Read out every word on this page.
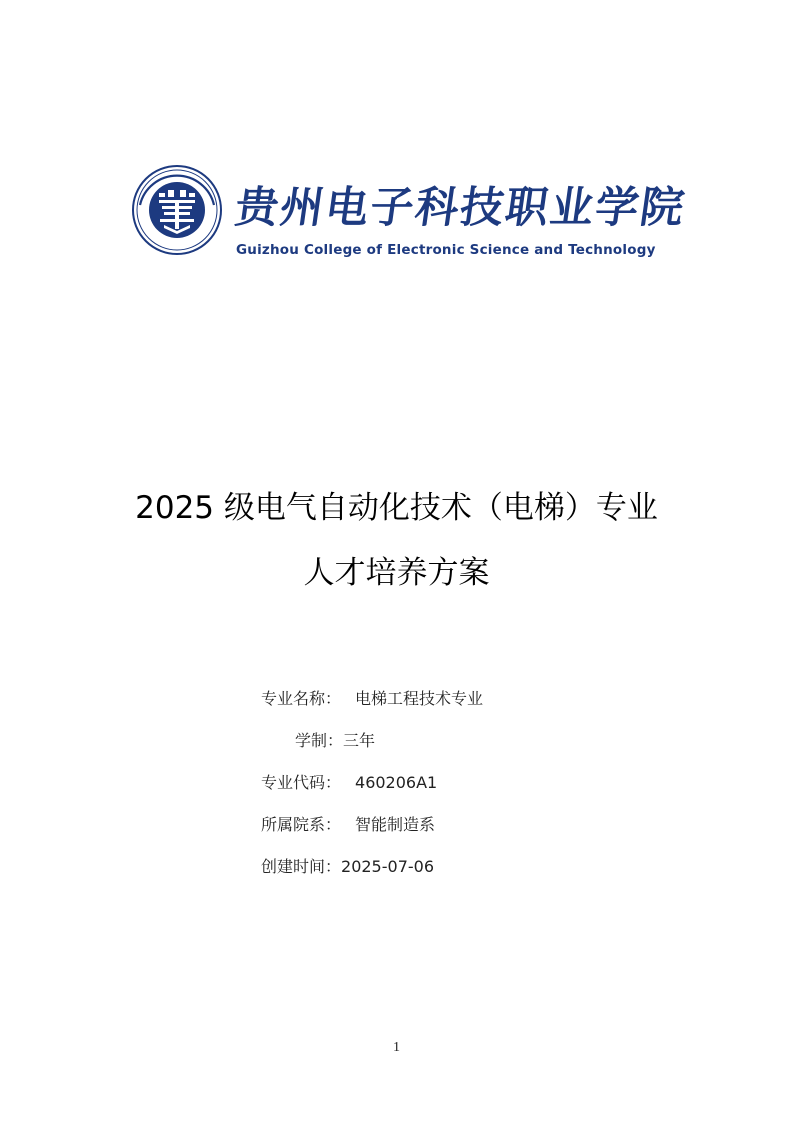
贵州电子科技职业学院
Guizhou College of Electronic Science and Technology
2025 级电气自动化技术（电梯）专业
人才培养方案
专业名称： 电梯工程技术专业
学制：三年
专业代码： 460206A1
所属院系： 智能制造系
创建时间：2025-07-06
1
